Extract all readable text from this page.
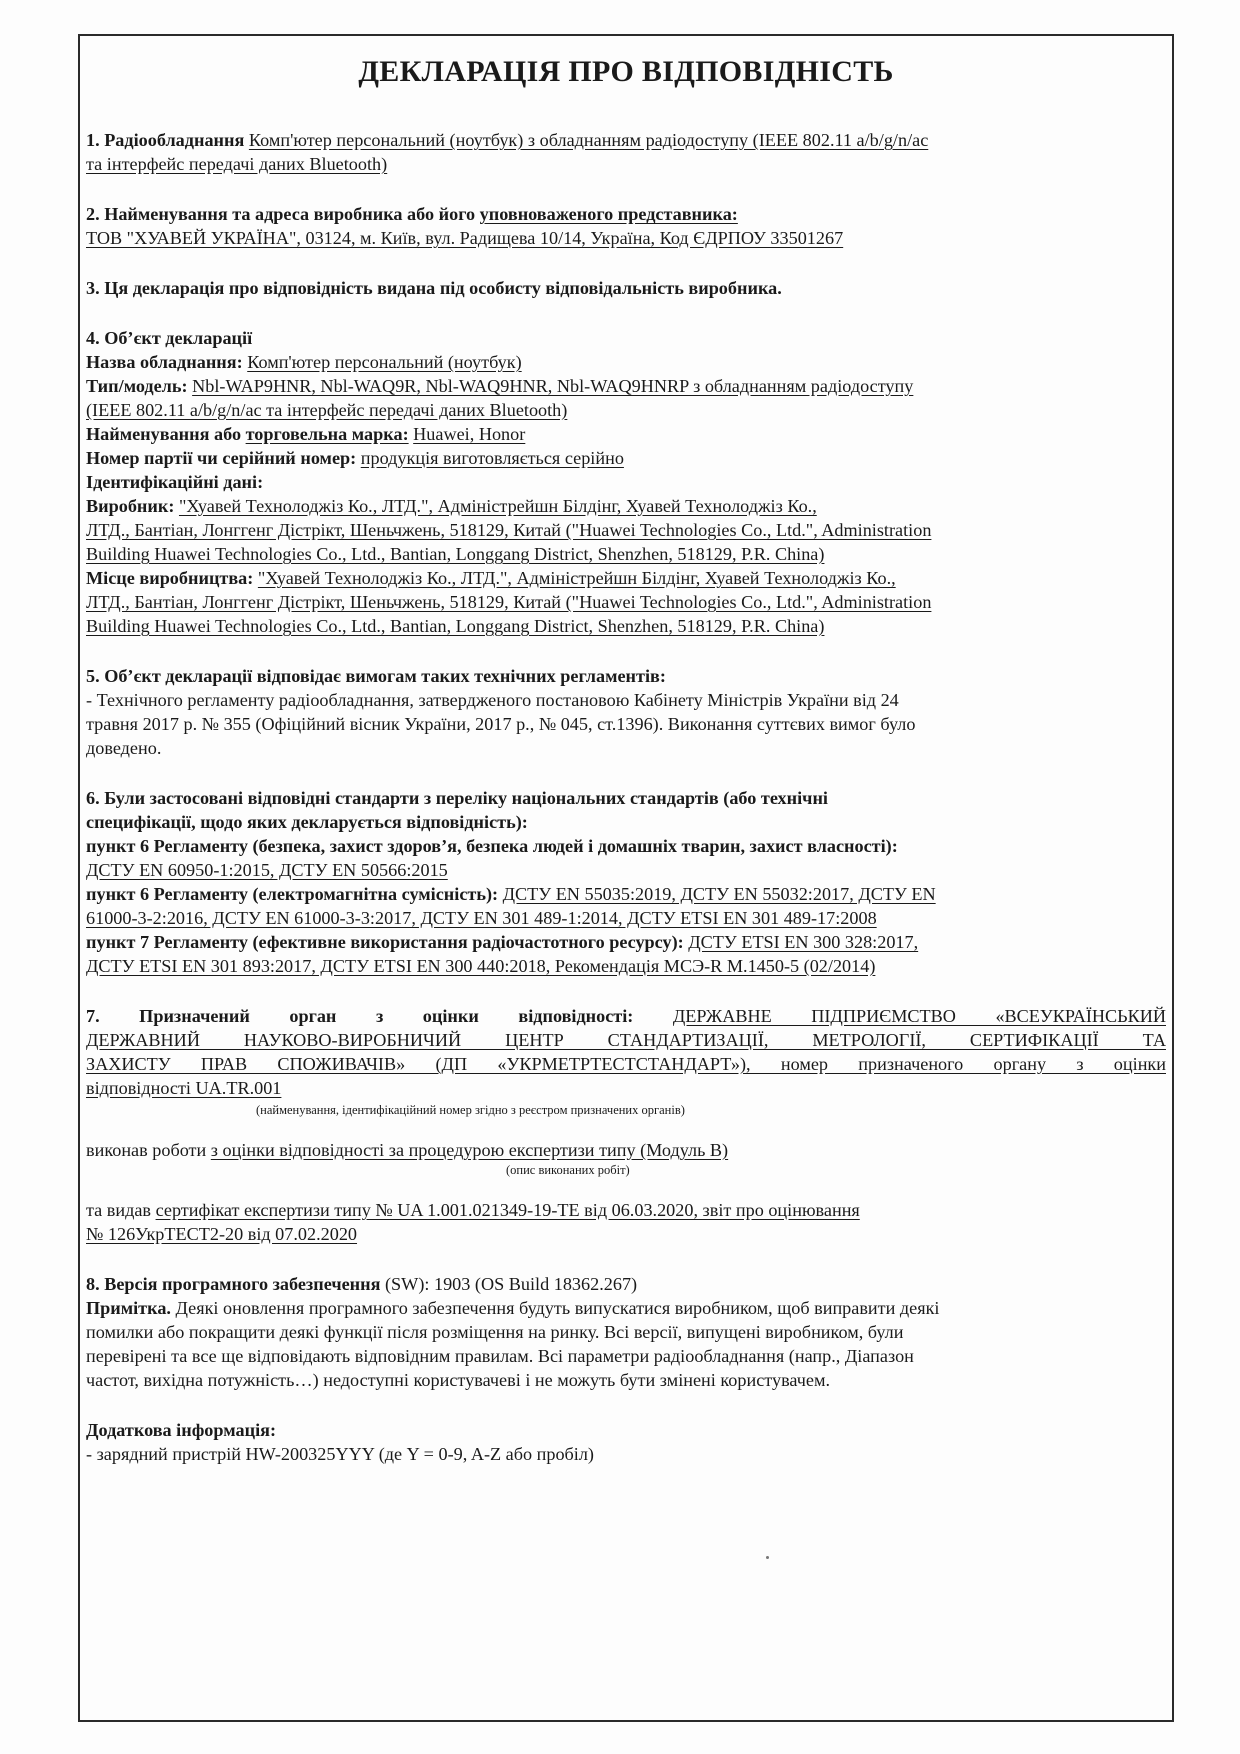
ДЕКЛАРАЦІЯ ПРО ВІДПОВІДНІСТЬ
1. Радіообладнання Комп'ютер персональний (ноутбук) з обладнанням радіодоступу (IEEE 802.11 a/b/g/n/ac
та інтерфейс передачі даних Bluetooth)
2. Найменування та адреса виробника або його уповноваженого представника:
ТОВ "ХУАВЕЙ УКРАЇНА", 03124, м. Київ, вул. Радищева 10/14, Україна, Код ЄДРПОУ 33501267
3. Ця декларація про відповідність видана під особисту відповідальність виробника.
4. Об’єкт декларації
Назва обладнання: Комп'ютер персональний (ноутбук)
Тип/модель: Nbl-WAP9HNR, Nbl-WAQ9R, Nbl-WAQ9HNR, Nbl-WAQ9HNRP з обладнанням радіодоступу
(IEEE 802.11 a/b/g/n/ac та інтерфейс передачі даних Bluetooth)
Найменування або торговельна марка: Huawei, Honor
Номер партії чи серійний номер: продукція виготовляється серійно
Ідентифікаційні дані:
Виробник: "Хуавей Технолоджіз Ко., ЛТД.", Адміністрейшн Білдінг, Хуавей Технолоджіз Ко.,
ЛТД., Бантіан, Лонггенг Дістрікт, Шеньчжень, 518129, Китай ("Huawei Technologies Co., Ltd.", Administration
Building Huawei Technologies Co., Ltd., Bantian, Longgang District, Shenzhen, 518129, P.R. China)
Місце виробництва: "Хуавей Технолоджіз Ко., ЛТД.", Адміністрейшн Білдінг, Хуавей Технолоджіз Ко.,
ЛТД., Бантіан, Лонггенг Дістрікт, Шеньчжень, 518129, Китай ("Huawei Technologies Co., Ltd.", Administration
Building Huawei Technologies Co., Ltd., Bantian, Longgang District, Shenzhen, 518129, P.R. China)
5. Об’єкт декларації відповідає вимогам таких технічних регламентів:
- Технічного регламенту радіообладнання, затвердженого постановою Кабінету Міністрів України від 24
травня 2017 р. № 355 (Офіційний вісник України, 2017 р., № 045, ст.1396). Виконання суттєвих вимог було
доведено.
6. Були застосовані відповідні стандарти з переліку національних стандартів (або технічні
специфікації, щодо яких декларується відповідність):
пункт 6 Регламенту (безпека, захист здоров’я, безпека людей і домашніх тварин, захист власності):
ДСТУ EN 60950-1:2015, ДСТУ EN 50566:2015
пункт 6 Регламенту (електромагнітна сумісність): ДСТУ EN 55035:2019, ДСТУ EN 55032:2017, ДСТУ EN
61000-3-2:2016, ДСТУ EN 61000-3-3:2017, ДСТУ EN 301 489-1:2014, ДСТУ ETSI EN 301 489-17:2008
пункт 7 Регламенту (ефективне використання радіочастотного ресурсу): ДСТУ ETSI EN 300 328:2017,
ДСТУ ETSI EN 301 893:2017, ДСТУ ETSI EN 300 440:2018, Рекомендація МСЭ-R M.1450-5 (02/2014)
7. Призначений орган з оцінки відповідності: ДЕРЖАВНЕ ПІДПРИЄМСТВО «ВСЕУКРАЇНСЬКИЙ
ДЕРЖАВНИЙ НАУКОВО-ВИРОБНИЧИЙ ЦЕНТР СТАНДАРТИЗАЦІЇ, МЕТРОЛОГІЇ, СЕРТИФІКАЦІЇ ТА
ЗАХИСТУ ПРАВ СПОЖИВАЧІВ» (ДП «УКРМЕТРТЕСТСТАНДАРТ»), номер призначеного органу з оцінки
відповідності UA.TR.001
(найменування, ідентифікаційний номер згідно з реєстром призначених органів)
виконав роботи з оцінки відповідності за процедурою експертизи типу (Модуль B)
(опис виконаних робіт)
та видав сертифікат експертизи типу № UA 1.001.021349-19-TE від 06.03.2020, звіт про оцінювання
№ 126УкрТЕСТ2-20 від 07.02.2020
8. Версія програмного забезпечення (SW): 1903 (OS Build 18362.267)
Примітка. Деякі оновлення програмного забезпечення будуть випускатися виробником, щоб виправити деякі
помилки або покращити деякі функції після розміщення на ринку. Всі версії, випущені виробником, були
перевірені та все ще відповідають відповідним правилам. Всі параметри радіообладнання (напр., Діапазон
частот, вихідна потужність…) недоступні користувачеві і не можуть бути змінені користувачем.
Додаткова інформація:
- зарядний пристрій HW-200325YYY (де Y = 0-9, A-Z або пробіл)
